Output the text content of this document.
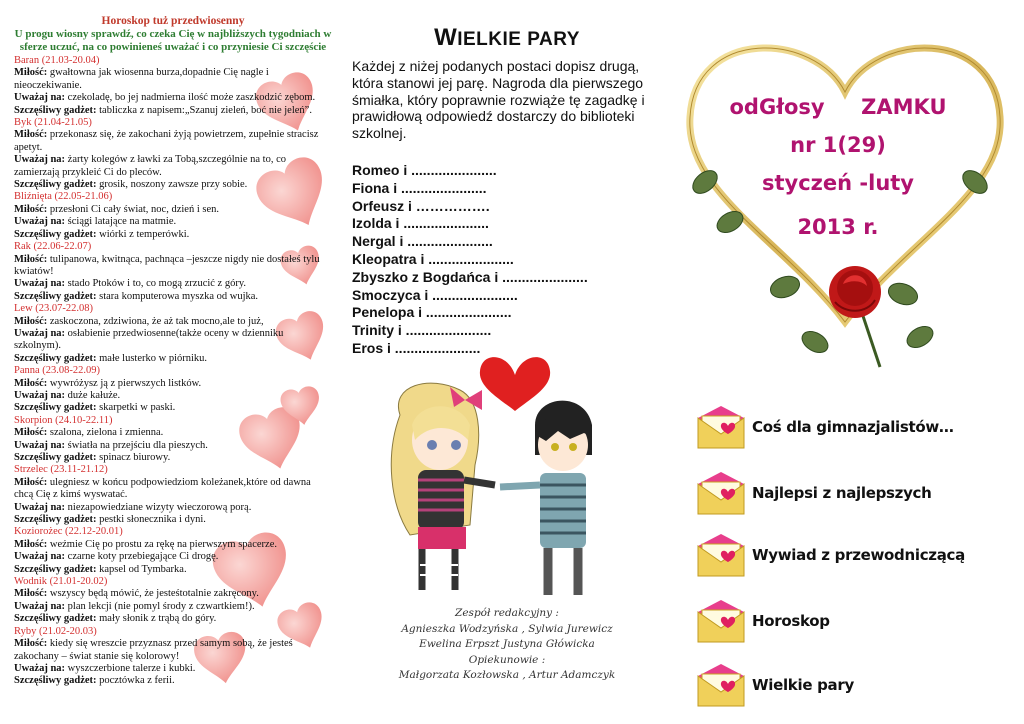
Horoskop tuż przedwiosenny
U progu wiosny sprawdź, co czeka Cię w najbliższych tygodniach w sferze uczuć, na co powinieneś uważać i co przyniesie Ci szczęście
Baran (21.03-20.04)
Miłość: gwałtowna jak wiosenna burza,dopadnie Cię nagle i nieoczekiwanie.
Uważaj na: czekoladę, bo jej nadmierna ilość może zaszkodzić zębom.
Szczęśliwy gadżet: tabliczka z napisem:„Szanuj zieleń, boć nie jeleń”.
Byk (21.04-21.05)
Miłość: przekonasz się, że zakochani żyją powietrzem, zupełnie stracisz apetyt.
Uważaj na: żarty kolegów z ławki za Tobą,szczególnie na to, co zamierzają przykleić Ci do pleców.
Szczęśliwy gadżet: grosik, noszony zawsze przy sobie.
Bliźnięta (22.05-21.06)
Miłość: przesłoni Ci cały świat, noc, dzień i sen.
Uważaj na: ściągi latające na matmie.
Szczęśliwy gadżet: wiórki z temperówki.
Rak (22.06-22.07)
Miłość: tulipanowa, kwitnąca, pachnąca –jeszcze nigdy nie dostałeś tylu kwiatów!
Uważaj na: stado Ptoków i to, co mogą zrzucić z góry.
Szczęśliwy gadżet: stara komputerowa myszka od wujka.
Lew (23.07-22.08)
Miłość: zaskoczona, zdziwiona, że aż tak mocno,ale to już,
Uważaj na: osłabienie przedwiosenne(także oceny w dzienniku szkolnym).
Szczęśliwy gadżet: małe lusterko w piórniku.
Panna (23.08-22.09)
Miłość: wywróżysz ją z pierwszych listków.
Uważaj na: duże kałuże.
Szczęśliwy gadżet: skarpetki w paski.
Skorpion (24.10-22.11)
Miłość: szalona, zielona i zmienna.
Uważaj na: światła na przejściu dla pieszych.
Szczęśliwy gadżet: spinacz biurowy.
Strzelec (23.11-21.12)
Miłość: ulegniesz w końcu podpowiedziom koleżanek,które od dawna chcą Cię z kimś wyswatać.
Uważaj na: niezapowiedziane wizyty wieczorową porą.
Szczęśliwy gadżet: pestki słonecznika i dyni.
Koziorożec (22.12-20.01)
Miłość: weźmie Cię po prostu za rękę na pierwszym spacerze.
Uważaj na: czarne koty przebiegające Ci drogę.
Szczęśliwy gadżet: kapsel od Tymbarka.
Wodnik (21.01-20.02)
Miłość: wszyscy będą mówić, że jesteśtotalnie zakręcony.
Uważaj na: plan lekcji (nie pomyl środy z czwartkiem!).
Szczęśliwy gadżet: mały słonik z trąbą do góry.
Ryby (21.02-20.03)
Miłość: kiedy się wreszcie przyznasz przed samym sobą, że jesteś zakochany – świat stanie się kolorowy!
Uważaj na: wyszczerbione talerze i kubki.
Szczęśliwy gadżet: pocztówka z ferii.
WIELKIE PARY
Każdej z niżej podanych postaci dopisz drugą, która stanowi jej parę. Nagroda dla pierwszego śmiałka, który poprawnie rozwiąże tę zagadkę i prawidłową odpowiedź dostarczy do biblioteki szkolnej.
Romeo i ......................
Fiona i ......................
Orfeusz i …………….
Izolda i ......................
Nergal i ......................
Kleopatra i ......................
Zbyszko z Bogdańca i ......................
Smoczyca i ......................
Penelopa i ......................
Trinity i ......................
Eros i ......................
Zespół redakcyjny :
Agnieszka Wodzyńska , Sylwia Jurewicz
Ewelina Erpszt Justyna Główicka
Opiekunowie :
Małgorzata Kozłowska , Artur Adamczyk
odGłosy     ZAMKU
nr 1(29)
styczeń -luty
2013 r.
Coś dla gimnazjalistów…
Najlepsi z najlepszych
Wywiad z przewodniczącą
Horoskop
Wielkie pary
